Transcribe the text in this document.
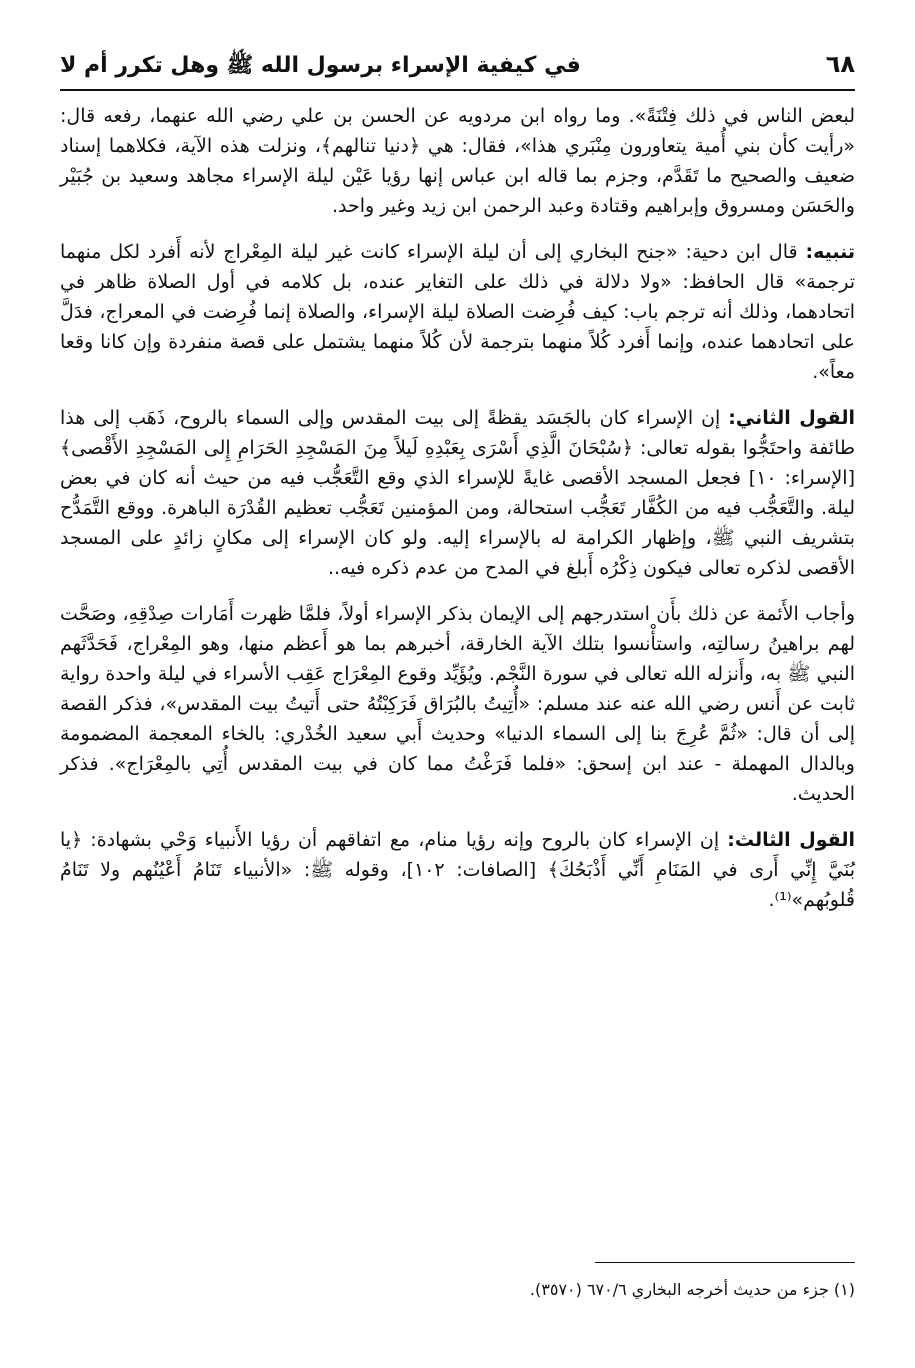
٦٨
في كيفية الإسراء برسول الله ﷺ وهل تكرر أم لا

لبعض الناس في ذلك فِتْنَةً». وما رواه ابن مردويه عن الحسن بن علي رضي الله عنهما، رفعه قال: «رأيت كأن بني أُمية يتعاورون مِنْبَري هذا»، فقال: هي ﴿دنيا تنالهم﴾، ونزلت هذه الآية، فكلاهما إسناد ضعيف والصحيح ما تَقَدَّم، وجزم بما قاله ابن عباس إنها رؤيا عَيْن ليلة الإسراء مجاهد وسعيد بن جُبَيْر والحَسَن ومسروق وإبراهيم وقتادة وعبد الرحمن ابن زيد وغير واحد.

تنبيه: قال ابن دحية: «جنح البخاري إلى أن ليلة الإسراء كانت غير ليلة المِعْراج لأنه أَفرد لكل منهما ترجمة» قال الحافظ: «ولا دلالة في ذلك على التغاير عنده، بل كلامه في أول الصلاة ظاهر في اتحادهما، وذلك أنه ترجم باب: كيف فُرِضت الصلاة ليلة الإسراء، والصلاة إنما فُرِضت في المعراج، فدَلَّ على اتحادهما عنده، وإنما أَفرد كُلاً منهما بترجمة لأن كُلاً منهما يشتمل على قصة منفردة وإن كانا وقعا معاً».

القول الثاني: إن الإسراء كان بالجَسَد يقظةً إلى بيت المقدس وإلى السماء بالروح، ذَهَب إلى هذا طائفة واحتَجُّوا بقوله تعالى: ﴿سُبْحَانَ الَّذِي أَسْرَى بِعَبْدِهِ لَيلاً مِنَ المَسْجِدِ الحَرَامِ إِلى المَسْجِدِ الأَقْصى﴾ [الإسراء: ١٠] فجعل المسجد الأقصى غايةً للإسراء الذي وقع التَّعَجُّب فيه من حيث أنه كان في بعض ليلة. والتَّعَجُّب فيه من الكُفَّار تَعَجُّب استحالة، ومن المؤمنين تَعَجُّب تعظيم القُدْرَة الباهرة. ووقع التَّمَدُّح بتشريف النبي ﷺ، وإظهار الكرامة له بالإسراء إليه. ولو كان الإسراء إلى مكانٍ زائدٍ على المسجد الأقصى لذكره تعالى فيكون ذِكْرُه أَبلغ في المدح من عدم ذكره فيه..

وأجاب الأَئمة عن ذلك بأَن استدرجهم إلى الإيمان بذكر الإسراء أولاً، فلمَّا ظهرت أَمَارات صِدْقِهِ، وصَحَّت لهم براهينُ رسالتِه، واستأْنسوا بتلك الآية الخارقة، أخبرهم بما هو أَعظم منها، وهو المِعْراج، فَحَدَّثَهم النبي ﷺ به، وأَنزله الله تعالى في سورة النَّجْم. ويُؤَيِّد وقوع المِعْرَاج عَقِب الأسراء في ليلة واحدة رواية ثابت عن أَنس رضي الله عنه عند مسلم: «أُتِيتُ بالبُرَاق فَرَكِبْتُهُ حتى أَتيتُ بيت المقدس»، فذكر القصة إلى أن قال: «ثُمَّ عُرِجَ بنا إلى السماء الدنيا» وحديث أَبي سعيد الخُدْري: بالخاء المعجمة المضمومة وبالدال المهملة - عند ابن إسحق: «فلما فَرَغْتُ مما كان في بيت المقدس أُتِي بالمِعْرَاج». فذكر الحديث.

القول الثالث: إن الإسراء كان بالروح وإنه رؤيا منام، مع اتفاقهم أن رؤيا الأَنبياء وَحْي بشهادة: ﴿يا بُنَيَّ إِنِّي أَرى في المَنَامِ أَنِّي أَذْبَحُكَ﴾ [الصافات: ١٠٢]، وقوله ﷺ: «الأنبياء تَنَامُ أَعْيُنُهم ولا تَنَامُ قُلوبُهم»⁽¹⁾.

(١) جزء من حديث أخرجه البخاري ٦٧٠/٦ (٣٥٧٠).
